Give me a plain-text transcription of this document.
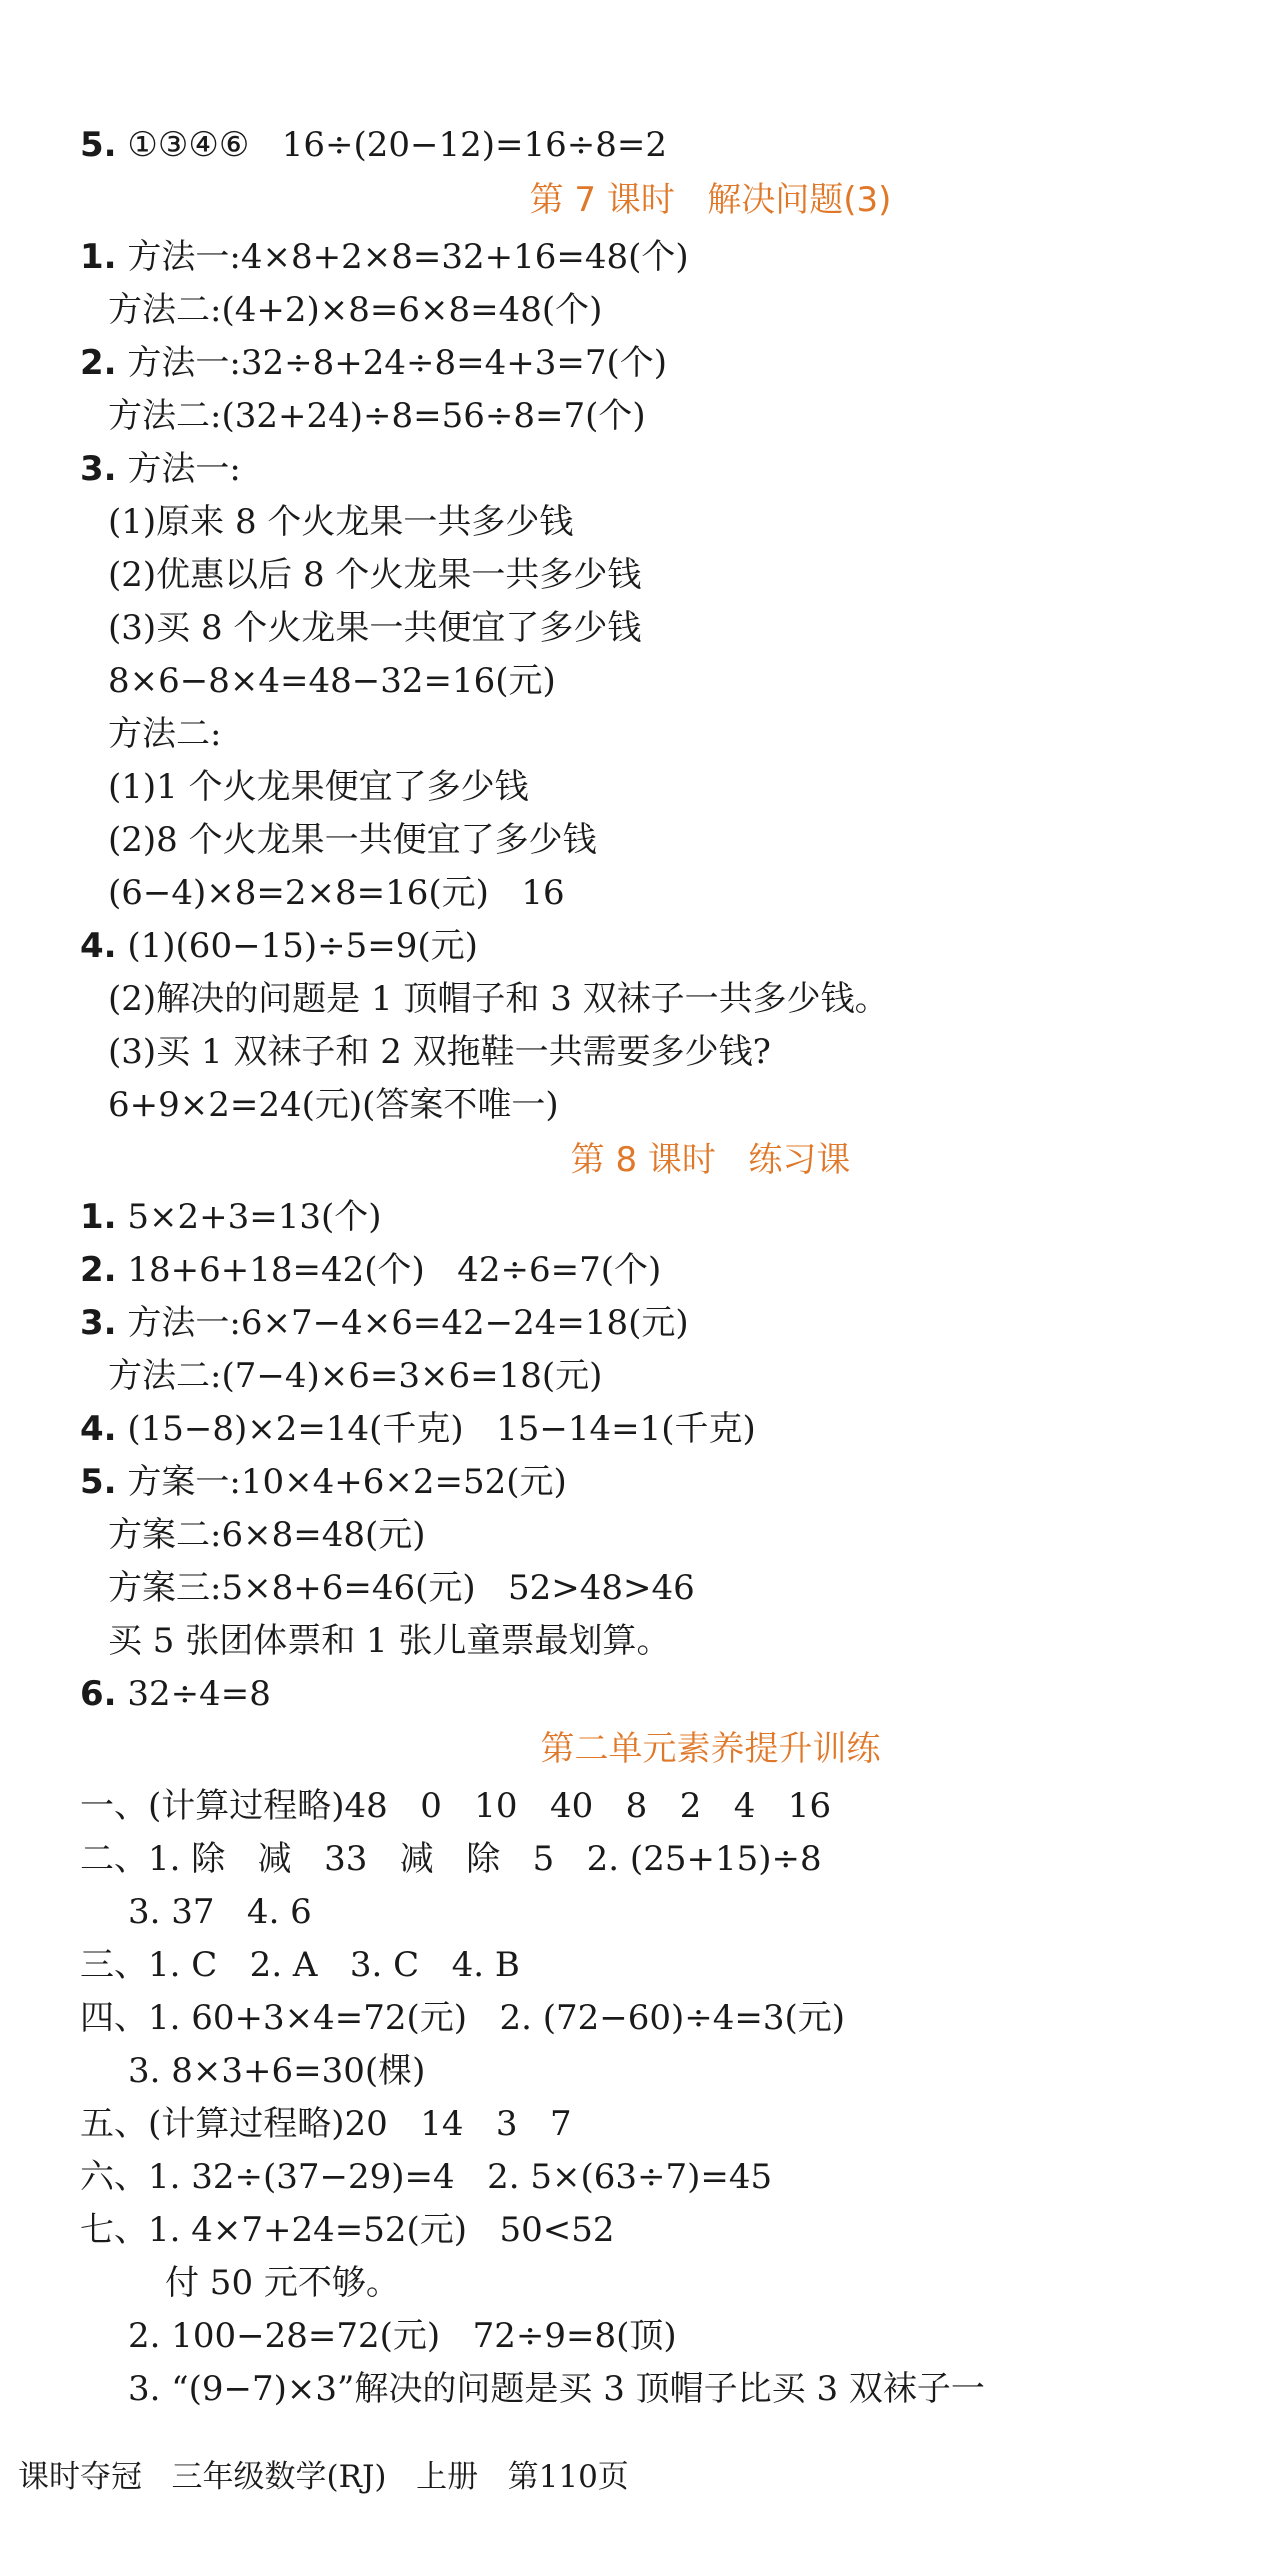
5. ①③④⑥   16÷(20−12)=16÷8=2
第 7 课时   解决问题(3)
1. 方法一:4×8+2×8=32+16=48(个)
方法二:(4+2)×8=6×8=48(个)
2. 方法一:32÷8+24÷8=4+3=7(个)
方法二:(32+24)÷8=56÷8=7(个)
3. 方法一:
(1)原来 8 个火龙果一共多少钱
(2)优惠以后 8 个火龙果一共多少钱
(3)买 8 个火龙果一共便宜了多少钱
8×6−8×4=48−32=16(元)
方法二:
(1)1 个火龙果便宜了多少钱
(2)8 个火龙果一共便宜了多少钱
(6−4)×8=2×8=16(元)   16
4. (1)(60−15)÷5=9(元)
(2)解决的问题是 1 顶帽子和 3 双袜子一共多少钱。
(3)买 1 双袜子和 2 双拖鞋一共需要多少钱?
6+9×2=24(元)(答案不唯一)
第 8 课时   练习课
1. 5×2+3=13(个)
2. 18+6+18=42(个)   42÷6=7(个)
3. 方法一:6×7−4×6=42−24=18(元)
方法二:(7−4)×6=3×6=18(元)
4. (15−8)×2=14(千克)   15−14=1(千克)
5. 方案一:10×4+6×2=52(元)
方案二:6×8=48(元)
方案三:5×8+6=46(元)   52>48>46
买 5 张团体票和 1 张儿童票最划算。
6. 32÷4=8
第二单元素养提升训练
一、(计算过程略)48   0   10   40   8   2   4   16
二、1. 除   减   33   减   除   5   2. (25+15)÷8
3. 37   4. 6
三、1. C   2. A   3. C   4. B
四、1. 60+3×4=72(元)   2. (72−60)÷4=3(元)
3. 8×3+6=30(棵)
五、(计算过程略)20   14   3   7
六、1. 32÷(37−29)=4   2. 5×(63÷7)=45
七、1. 4×7+24=52(元)   50<52
付 50 元不够。
2. 100−28=72(元)   72÷9=8(顶)
3. “(9−7)×3”解决的问题是买 3 顶帽子比买 3 双袜子一
课时夺冠   三年级数学(RJ)   上册   第110页
